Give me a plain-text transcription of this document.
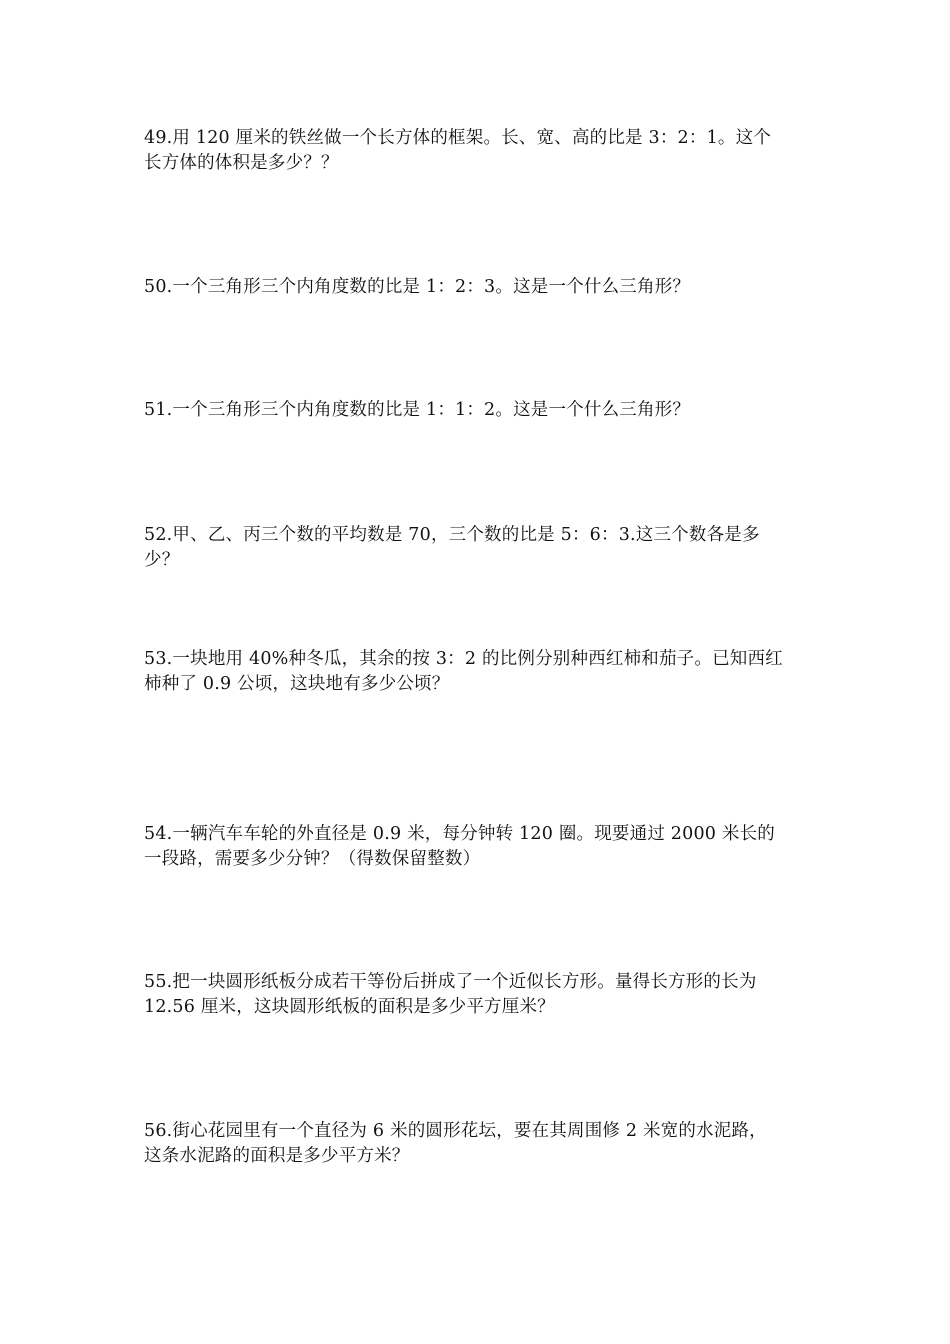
49.用 120 厘米的铁丝做一个长方体的框架。长、宽、高的比是 3：2：1。这个
长方体的体积是多少？？
50.一个三角形三个内角度数的比是 1：2：3。这是一个什么三角形？
51.一个三角形三个内角度数的比是 1：1：2。这是一个什么三角形？
52.甲、乙、丙三个数的平均数是 70，三个数的比是 5：6：3.这三个数各是多
少？
53.一块地用 40%种冬瓜，其余的按 3：2 的比例分别种西红柿和茄子。已知西红
柿种了 0.9 公顷，这块地有多少公顷？
54.一辆汽车车轮的外直径是 0.9 米，每分钟转 120 圈。现要通过 2000 米长的
一段路，需要多少分钟？（得数保留整数）
55.把一块圆形纸板分成若干等份后拼成了一个近似长方形。量得长方形的长为
12.56 厘米，这块圆形纸板的面积是多少平方厘米？
56.街心花园里有一个直径为 6 米的圆形花坛，要在其周围修 2 米宽的水泥路，
这条水泥路的面积是多少平方米？
